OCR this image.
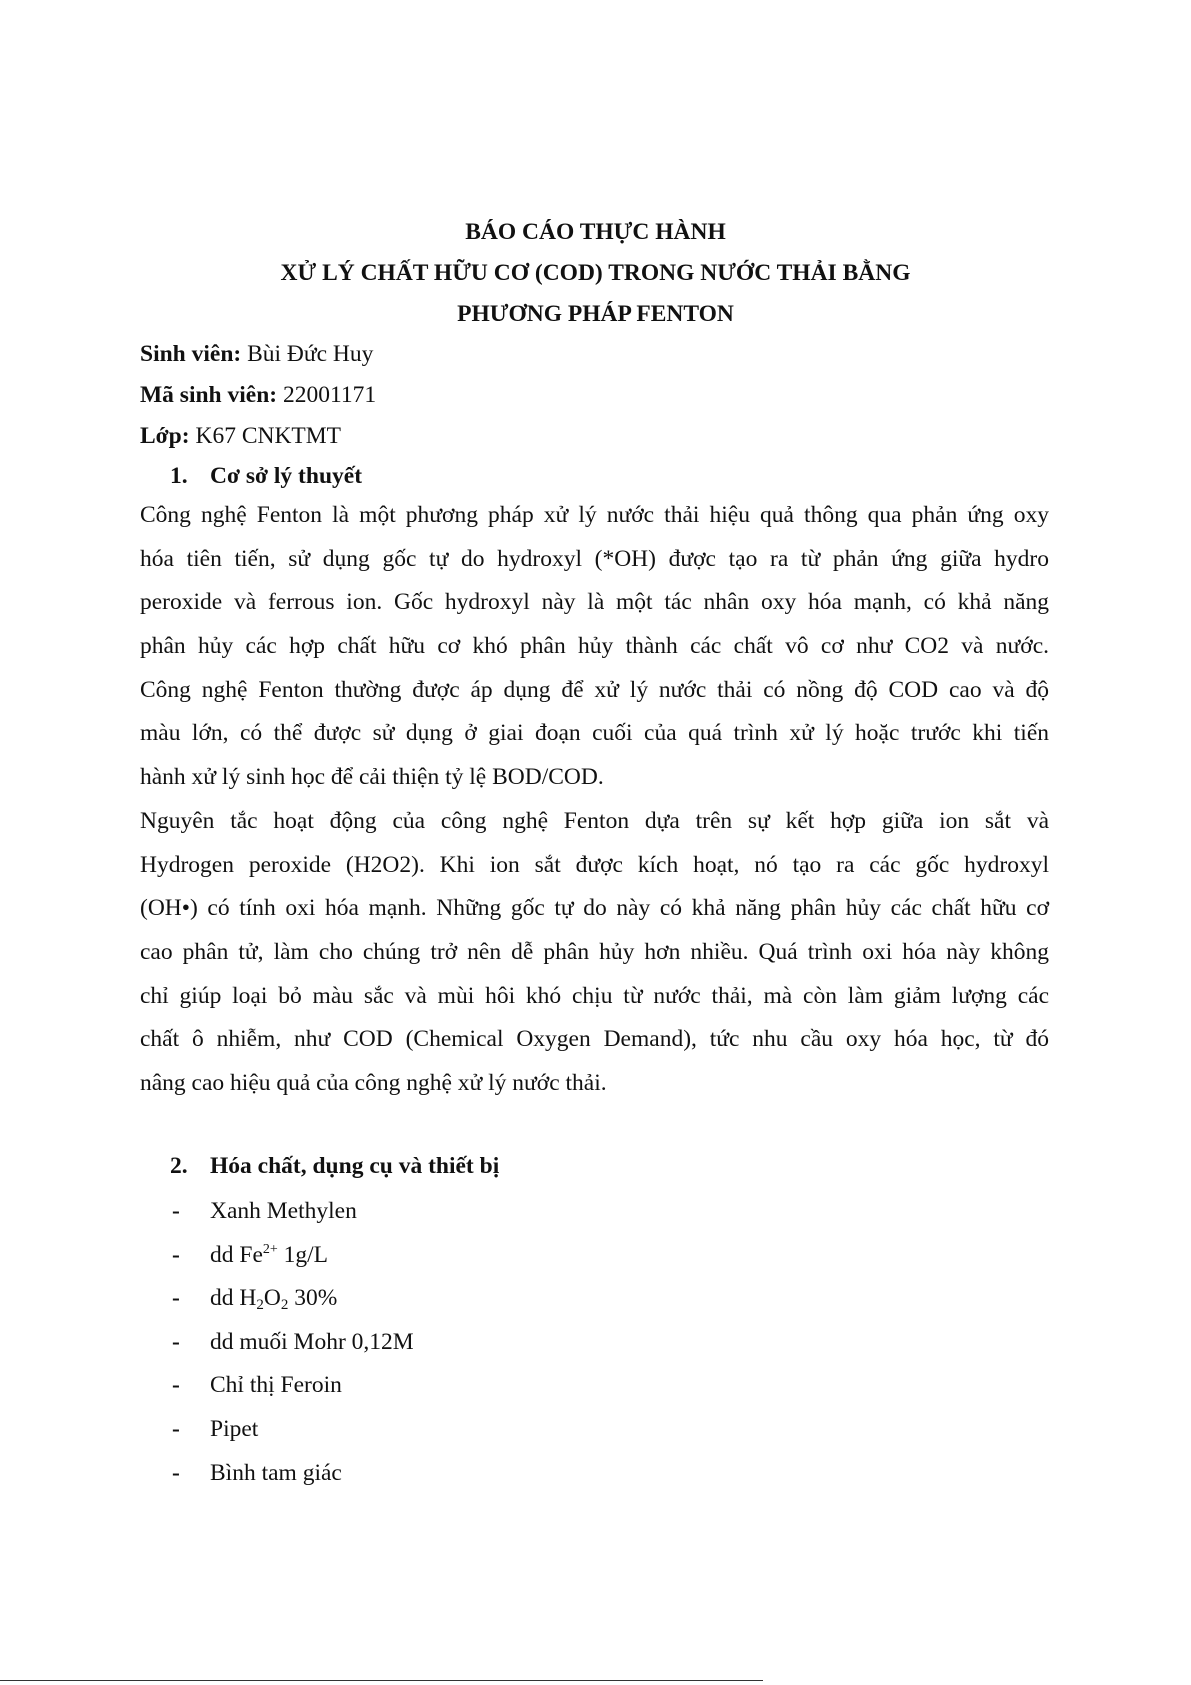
BÁO CÁO THỰC HÀNH
XỬ LÝ CHẤT HỮU CƠ (COD) TRONG NƯỚC THẢI BẰNG
PHƯƠNG PHÁP FENTON
Sinh viên: Bùi Đức Huy
Mã sinh viên: 22001171
Lớp: K67 CNKTMT
1. Cơ sở lý thuyết
Công nghệ Fenton là một phương pháp xử lý nước thải hiệu quả thông qua phản ứng oxy
hóa tiên tiến, sử dụng gốc tự do hydroxyl (*OH) được tạo ra từ phản ứng giữa hydro
peroxide và ferrous ion. Gốc hydroxyl này là một tác nhân oxy hóa mạnh, có khả năng
phân hủy các hợp chất hữu cơ khó phân hủy thành các chất vô cơ như CO2 và nước.
Công nghệ Fenton thường được áp dụng để xử lý nước thải có nồng độ COD cao và độ
màu lớn, có thể được sử dụng ở giai đoạn cuối của quá trình xử lý hoặc trước khi tiến
hành xử lý sinh học để cải thiện tỷ lệ BOD/COD.
Nguyên tắc hoạt động của công nghệ Fenton dựa trên sự kết hợp giữa ion sắt và
Hydrogen peroxide (H2O2). Khi ion sắt được kích hoạt, nó tạo ra các gốc hydroxyl
(OH•) có tính oxi hóa mạnh. Những gốc tự do này có khả năng phân hủy các chất hữu cơ
cao phân tử, làm cho chúng trở nên dễ phân hủy hơn nhiều. Quá trình oxi hóa này không
chỉ giúp loại bỏ màu sắc và mùi hôi khó chịu từ nước thải, mà còn làm giảm lượng các
chất ô nhiễm, như COD (Chemical Oxygen Demand), tức nhu cầu oxy hóa học, từ đó
nâng cao hiệu quả của công nghệ xử lý nước thải.
2. Hóa chất, dụng cụ và thiết bị
- Xanh Methylen
- dd $Fe^{2+}$ 1g/L
- dd $H_2O_2$ 30%
- dd muối Mohr 0,12M
- Chỉ thị Feroin
- Pipet
- Bình tam giác
